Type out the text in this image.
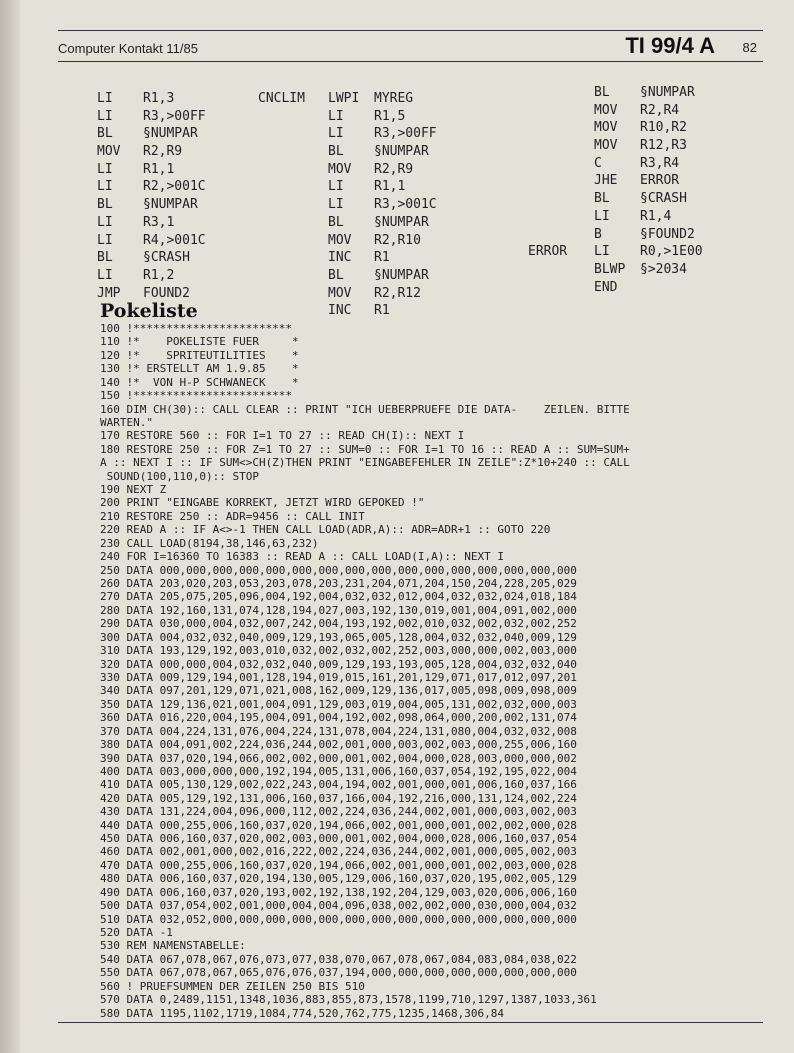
Computer Kontakt 11/85	TI 99/4 A 82
LI R1,3
LI R3,>00FF
BL §NUMPAR
MOV R2,R9
LI R1,1
LI R2,>001C
BL §NUMPAR
LI R3,1
LI R4,>001C
BL §CRASH
LI R1,2
JMP FOUND2
CNCLIM LWPI MYREG
LI R1,5
LI R3,>00FF
BL §NUMPAR
MOV R2,R9
LI R1,1
LI R3,>001C
BL §NUMPAR
MOV R2,R10
INC R1
BL §NUMPAR
MOV R2,R12
INC R1
BL §NUMPAR
MOV R2,R4
MOV R10,R2
MOV R12,R3
C	R3,R4
JHE ERROR
BL §CRASH
LI R1,4
B	§FOUND2
ERROR LI R0,>1E00
BLWP §>2034
END
Pokeliste
100 !************************
110 !*    POKELISTE FUER     *
120 !*    SPRITEUTILITIES    *
130 !* ERSTELLT AM 1.9.85    *
140 !*  VON H-P SCHWANECK    *
150 !************************
160 DIM CH(30):: CALL CLEAR :: PRINT "ICH UEBERPRUEFE DIE DATA-    ZEILEN. BITTE
WARTEN."
170 RESTORE 560 :: FOR I=1 TO 27 :: READ CH(I):: NEXT I
180 RESTORE 250 :: FOR Z=1 TO 27 :: SUM=0 :: FOR I=1 TO 16 :: READ A :: SUM=SUM+
A :: NEXT I :: IF SUM<>CH(Z)THEN PRINT "EINGABEFEHLER IN ZEILE":Z*10+240 :: CALL
SOUND(100,110,0):: STOP
190 NEXT Z
200 PRINT "EINGABE KORREKT, JETZT WIRD GEPOKED !"
210 RESTORE 250 :: ADR=9456 :: CALL INIT
220 READ A :: IF A<>-1 THEN CALL LOAD(ADR,A):: ADR=ADR+1 :: GOTO 220
230 CALL LOAD(8194,38,146,63,232)
240 FOR I=16360 TO 16383 :: READ A :: CALL LOAD(I,A):: NEXT I
250 DATA 000,000,000,000,000,000,000,000,000,000,000,000,000,000,000,000
260 DATA 203,020,203,053,203,078,203,231,204,071,204,150,204,228,205,029
270 DATA 205,075,205,096,004,192,004,032,032,012,004,032,032,024,018,184
280 DATA 192,160,131,074,128,194,027,003,192,130,019,001,004,091,002,000
290 DATA 030,000,004,032,007,242,004,193,192,002,010,032,002,032,002,252
300 DATA 004,032,032,040,009,129,193,065,005,128,004,032,032,040,009,129
310 DATA 193,129,192,003,010,032,002,032,002,252,003,000,000,002,003,000
320 DATA 000,000,004,032,032,040,009,129,193,193,005,128,004,032,032,040
330 DATA 009,129,194,001,128,194,019,015,161,201,129,071,017,012,097,201
340 DATA 097,201,129,071,021,008,162,009,129,136,017,005,098,009,098,009
350 DATA 129,136,021,001,004,091,129,003,019,004,005,131,002,032,000,003
360 DATA 016,220,004,195,004,091,004,192,002,098,064,000,200,002,131,074
370 DATA 004,224,131,076,004,224,131,078,004,224,131,080,004,032,032,008
380 DATA 004,091,002,224,036,244,002,001,000,003,002,003,000,255,006,160
390 DATA 037,020,194,066,002,002,000,001,002,004,000,028,003,000,000,002
400 DATA 003,000,000,000,192,194,005,131,006,160,037,054,192,195,022,004
410 DATA 005,130,129,002,022,243,004,194,002,001,000,001,006,160,037,166
420 DATA 005,129,192,131,006,160,037,166,004,192,216,000,131,124,002,224
430 DATA 131,224,004,096,000,112,002,224,036,244,002,001,000,003,002,003
440 DATA 000,255,006,160,037,020,194,066,002,001,000,001,002,002,000,028
450 DATA 006,160,037,020,002,003,000,001,002,004,000,028,006,160,037,054
460 DATA 002,001,000,002,016,222,002,224,036,244,002,001,000,005,002,003
470 DATA 000,255,006,160,037,020,194,066,002,001,000,001,002,003,000,028
480 DATA 006,160,037,020,194,130,005,129,006,160,037,020,195,002,005,129
490 DATA 006,160,037,020,193,002,192,138,192,204,129,003,020,006,006,160
500 DATA 037,054,002,001,000,004,004,096,038,002,002,000,030,000,004,032
510 DATA 032,052,000,000,000,000,000,000,000,000,000,000,000,000,000,000
520 DATA -1
530 REM NAMENSTABELLE:
540 DATA 067,078,067,076,073,077,038,070,067,078,067,084,083,084,038,022
550 DATA 067,078,067,065,076,076,037,194,000,000,000,000,000,000,000,000
560 ! PRUEFSUMMEN DER ZEILEN 250 BIS 510
570 DATA 0,2489,1151,1348,1036,883,855,873,1578,1199,710,1297,1387,1033,361
580 DATA 1195,1102,1719,1084,774,520,762,775,1235,1468,306,84
